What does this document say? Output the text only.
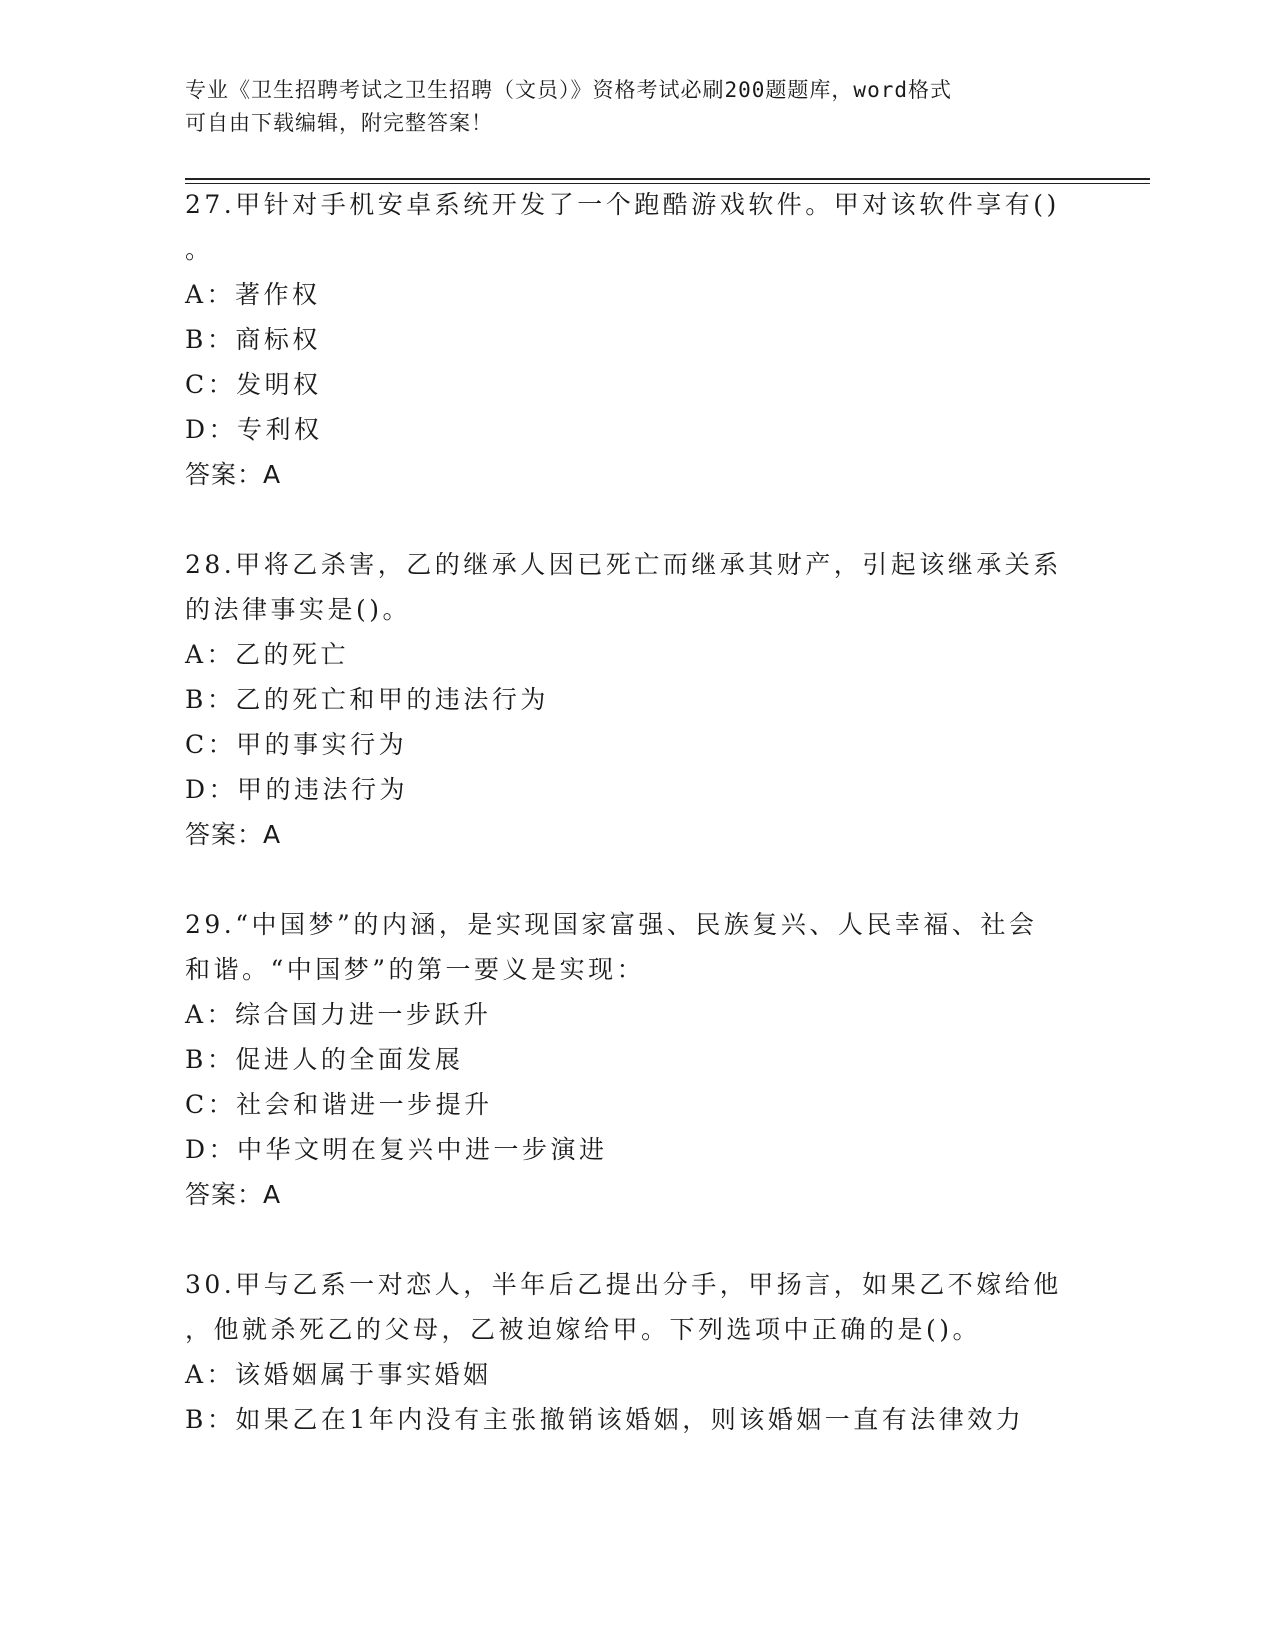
专业《卫生招聘考试之卫生招聘（文员）》资格考试必刷200题题库，word格式
可自由下载编辑，附完整答案！
27.甲针对手机安卓系统开发了一个跑酷游戏软件。甲对该软件享有()
。
A：著作权
B：商标权
C：发明权
D：专利权
答案：A
28.甲将乙杀害，乙的继承人因已死亡而继承其财产，引起该继承关系
的法律事实是()。
A：乙的死亡
B：乙的死亡和甲的违法行为
C：甲的事实行为
D：甲的违法行为
答案：A
29.“中国梦”的内涵，是实现国家富强、民族复兴、人民幸福、社会
和谐。“中国梦”的第一要义是实现：
A：综合国力进一步跃升
B：促进人的全面发展
C：社会和谐进一步提升
D：中华文明在复兴中进一步演进
答案：A
30.甲与乙系一对恋人，半年后乙提出分手，甲扬言，如果乙不嫁给他
，他就杀死乙的父母，乙被迫嫁给甲。下列选项中正确的是()。
A：该婚姻属于事实婚姻
B：如果乙在1年内没有主张撤销该婚姻，则该婚姻一直有法律效力
